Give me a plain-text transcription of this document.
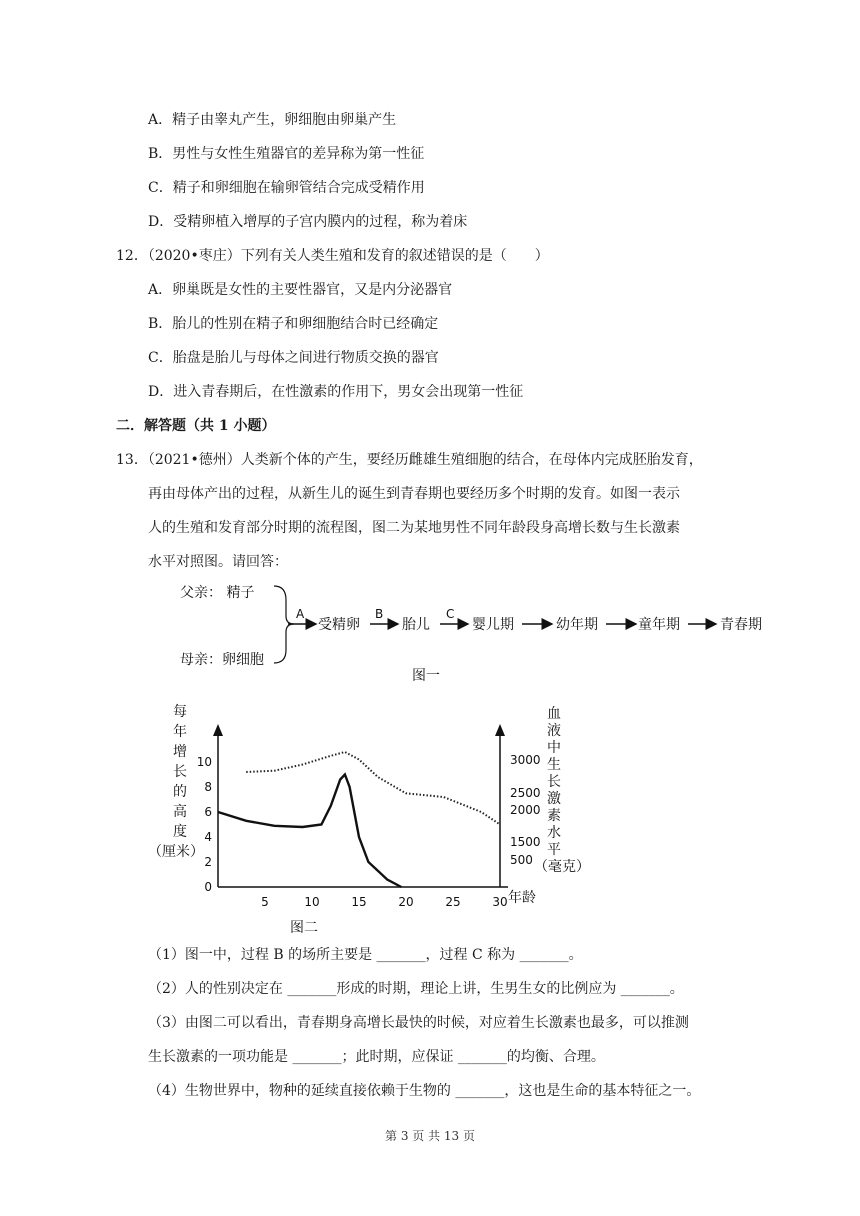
A．精子由睾丸产生，卵细胞由卵巢产生
B．男性与女性生殖器官的差异称为第一性征
C．精子和卵细胞在输卵管结合完成受精作用
D．受精卵植入增厚的子宫内膜内的过程，称为着床
12．（2020•枣庄）下列有关人类生殖和发育的叙述错误的是（　　）
A．卵巢既是女性的主要性器官，又是内分泌器官
B．胎儿的性别在精子和卵细胞结合时已经确定
C．胎盘是胎儿与母体之间进行物质交换的器官
D．进入青春期后，在性激素的作用下，男女会出现第一性征
二．解答题（共 1 小题）
13．（2021•德州）人类新个体的产生，要经历雌雄生殖细胞的结合，在母体内完成胚胎发育，
再由母体产出的过程，从新生儿的诞生到青春期也要经历多个时期的发育。如图一表示
人的生殖和发育部分时期的流程图，图二为某地男性不同年龄段身高增长数与生长激素
水平对照图。请回答：
父亲： 精子
母亲：卵细胞
A
受精卵
B
胎儿
C
婴儿期	幼年期	童年期	青春期
图一
每
年
增
长
的
高
度
（厘米）
血
液
中
生
长
激
素
水
平
（毫克）
5	10	15	20	25	30
0
2
4
6
8
10
500
1500
2000
2500
3000
年龄
图二
（1）图一中，过程 B 的场所主要是 _______，过程 C 称为 _______。
（2）人的性别决定在 _______形成的时期，理论上讲，生男生女的比例应为 _______。
（3）由图二可以看出，青春期身高增长最快的时候，对应着生长激素也最多，可以推测
生长激素的一项功能是 _______；此时期，应保证 _______的均衡、合理。
（4）生物世界中，物种的延续直接依赖于生物的 _______，这也是生命的基本特征之一。
第 3 页 共 13 页
